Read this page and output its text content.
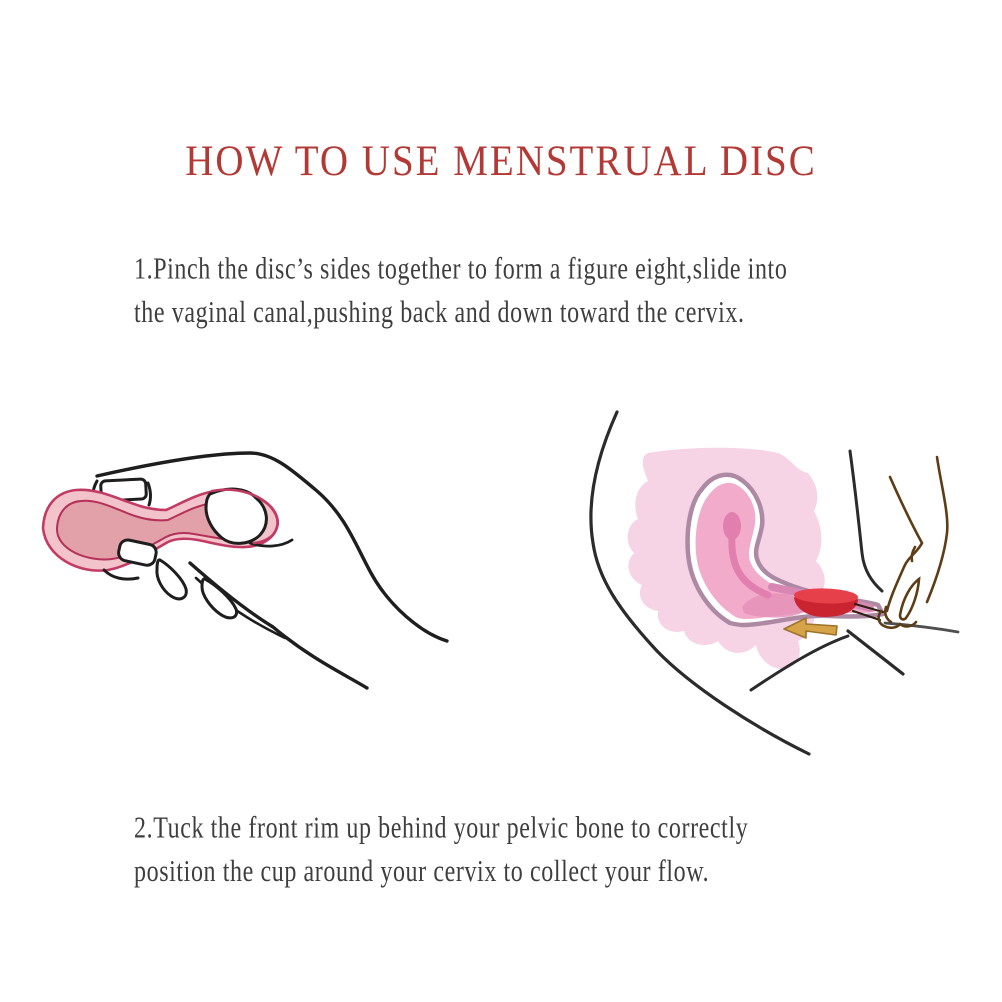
HOW TO USE MENSTRUAL DISC
1.Pinch the disc’s sides together to form a figure eight,slide into
the vaginal canal,pushing back and down toward the cervix.
2.Tuck the front rim up behind your pelvic bone to correctly
position the cup around your cervix to collect your flow.
